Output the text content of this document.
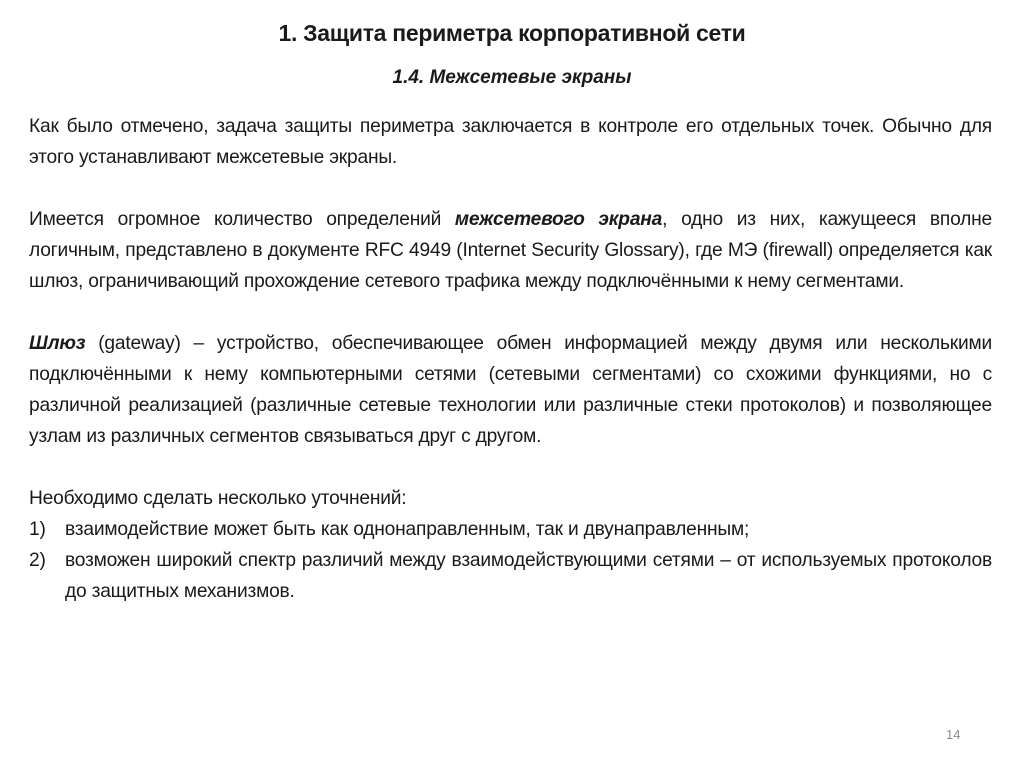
1. Защита периметра корпоративной сети
1.4. Межсетевые экраны

Как было отмечено, задача защиты периметра заключается в контроле его отдельных точек. Обычно для этого устанавливают межсетевые экраны.

Имеется огромное количество определений межсетевого экрана, одно из них, кажущееся вполне логичным, представлено в документе RFC 4949 (Internet Security Glossary), где МЭ (firewall) определяется как шлюз, ограничивающий прохождение сетевого трафика между подключёнными к нему сегментами.

Шлюз (gateway) – устройство, обеспечивающее обмен информацией между двумя или несколькими подключёнными к нему компьютерными сетями (сетевыми сегментами) со схожими функциями, но с различной реализацией (различные сетевые технологии или различные стеки протоколов) и позволяющее узлам из различных сегментов связываться друг с другом.

Необходимо сделать несколько уточнений:

1)	взаимодействие может быть как однонаправленным, так и двунаправленным;
2)	возможен широкий спектр различий между взаимодействующими сетями – от используемых протоколов до защитных механизмов.
14
